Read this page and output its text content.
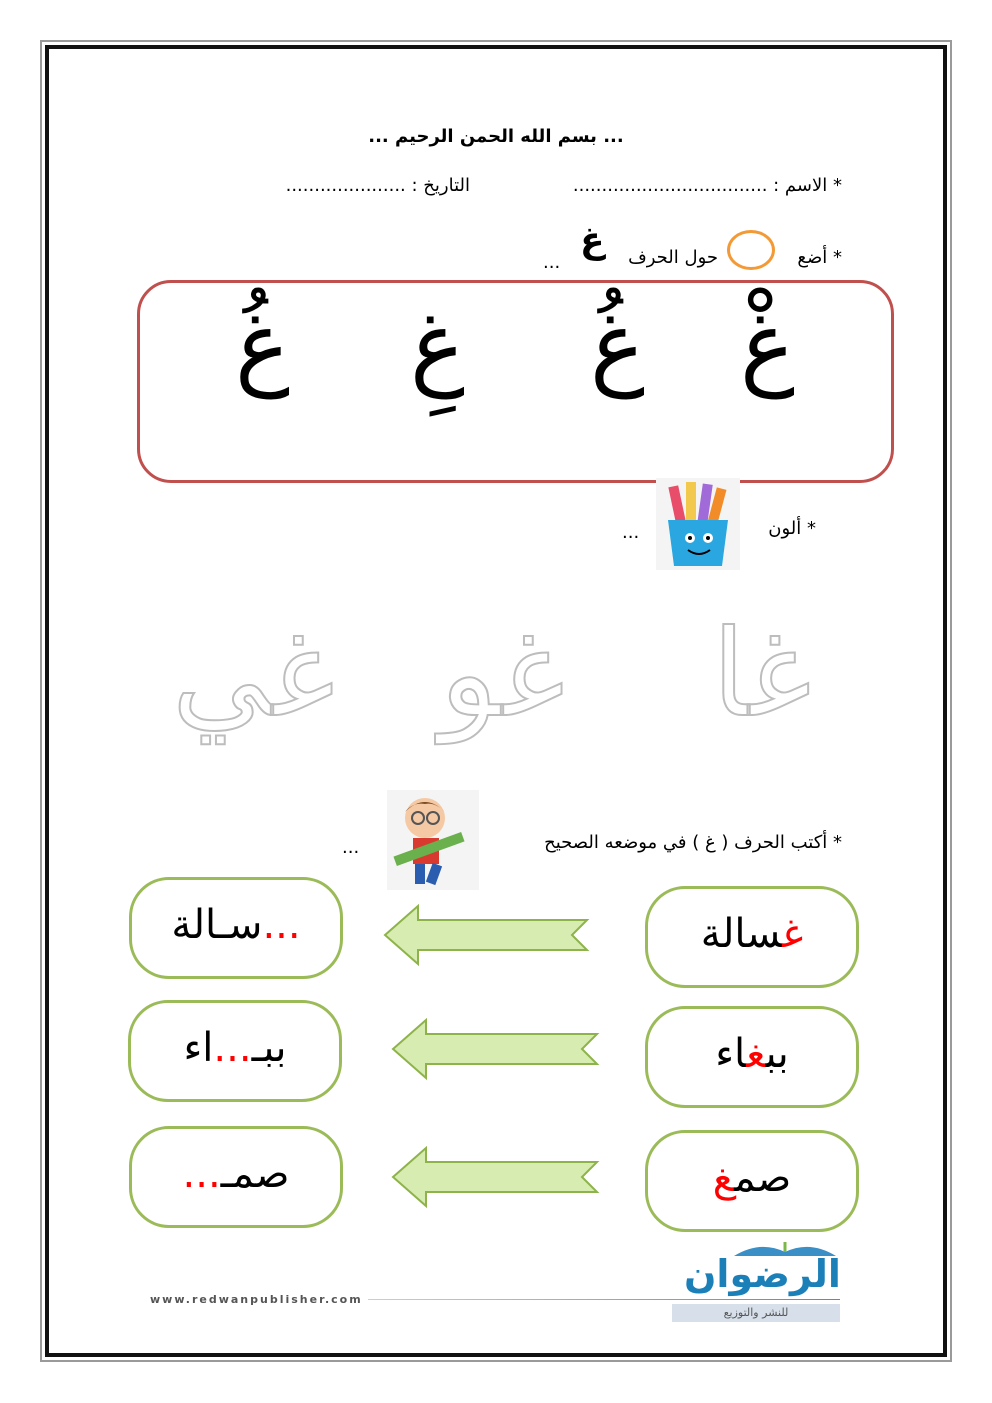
... بسم الله الحمن الرحيم ...
* الاسم : ..................................
التاريخ : .....................
* أضع
حول الحرف
غ
...
غْ
غُ
غِ
غُ
* ألون
...
غا
غو
غي
* أكتب الحرف ( غ ) في موضعه الصحيح
...
غسالة
...سـالة
ببغاء
ببـ...اء
صمغ
صمـ...
www.redwanpublisher.com
الرضوان
للنشر والتوزيع
